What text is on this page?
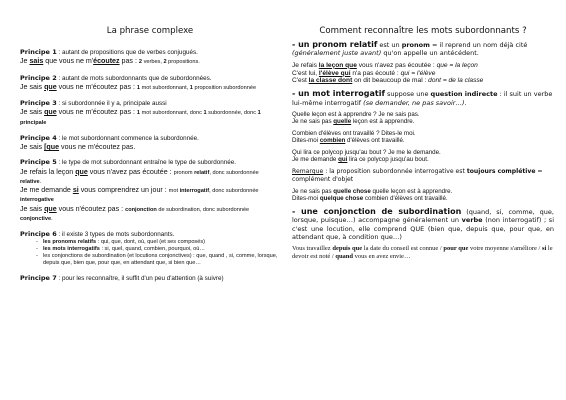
La phrase complexe
Principe 1 : autant de propositions que de verbes conjugués.
Je sais que vous ne m'écoutez pas : 2 verbes, 2 propositions.
Principe 2 : autant de mots subordonnants que de subordonnées.
Je sais que vous ne m'écoutez pas : 1 mot subordonnant, 1 proposition subordonnée
Principe 3 : si subordonnée il y a, principale aussi
Je sais que vous ne m'écoutez pas : 1 mot subordonnant, donc 1 subordonnée, donc 1 principale
Principe 4 : le mot subordonnant commence la subordonnée.
Je sais [que vous ne m'écoutez pas.
Principe 5 : le type de mot subordonnant entraîne le type de subordonnée.
Je refais la leçon que vous n'avez pas écoutée : pronom relatif, donc subordonnée relative.
Je me demande si vous comprendrez un jour : mot interrogatif, donc subordonnée interrogative
Je sais que vous n'écoutez pas : conjonction de subordination, donc subordonnée conjonctive.
Principe 6 : il existe 3 types de mots subordonnants.
- les pronoms relatifs : qui, que, dont, où, quel (et ses composés)
- les mots interrogatifs : si, quel, quand, combien, pourquoi, où…
- les conjonctions de subordination (et locutions conjonctives) : que, quand , si, comme, lorsque, depuis que, bien que, pour que, en attendant que, si bien que…
Principe 7 : pour les reconnaître, il suffit d'un peu d'attention (à suivre)
Comment reconnaître les mots subordonnants ?
- un pronom relatif est un pronom = il reprend un nom déjà cité (généralement juste avant) qu'on appelle un antécédent.
Je refais la leçon que vous n'avez pas écoutée : que = la leçon
C'est lui, l'élève qui n'a pas écouté : qui = l'élève
C'est la classe dont on dit beaucoup de mal : dont = de la classe
- un mot interrogatif suppose une question indirecte : il suit un verbe lui-même interrogatif (se demander, ne pas savoir…).
Quelle leçon est à apprendre ? Je ne sais pas.
Je ne sais pas quelle leçon est à apprendre.
Combien d'élèves ont travaillé ? Dites-le moi.
Dites-moi combien d'élèves ont travaillé.
Qui lira ce polycop jusqu'au bout ? Je me le demande.
Je me demande qui lira ce polycop jusqu'au bout.
Remarque : la proposition subordonnée interrogative est toujours complétive = complément d'objet
Je ne sais pas quelle chose quelle leçon est à apprendre.
Dites-moi quelque chose combien d'élèves ont travaillé.
- une conjonction de subordination (quand, si, comme, que, lorsque, puisque…) accompagne généralement un verbe (non interrogatif) ; si c'est une locution, elle comprend QUE (bien que, depuis que, pour que, en attendant que, à condition que…)
Vous travaillez depuis que la date du conseil est connue / pour que votre moyenne s'améliore / si le devoir est noté / quand vous en avez envie…
